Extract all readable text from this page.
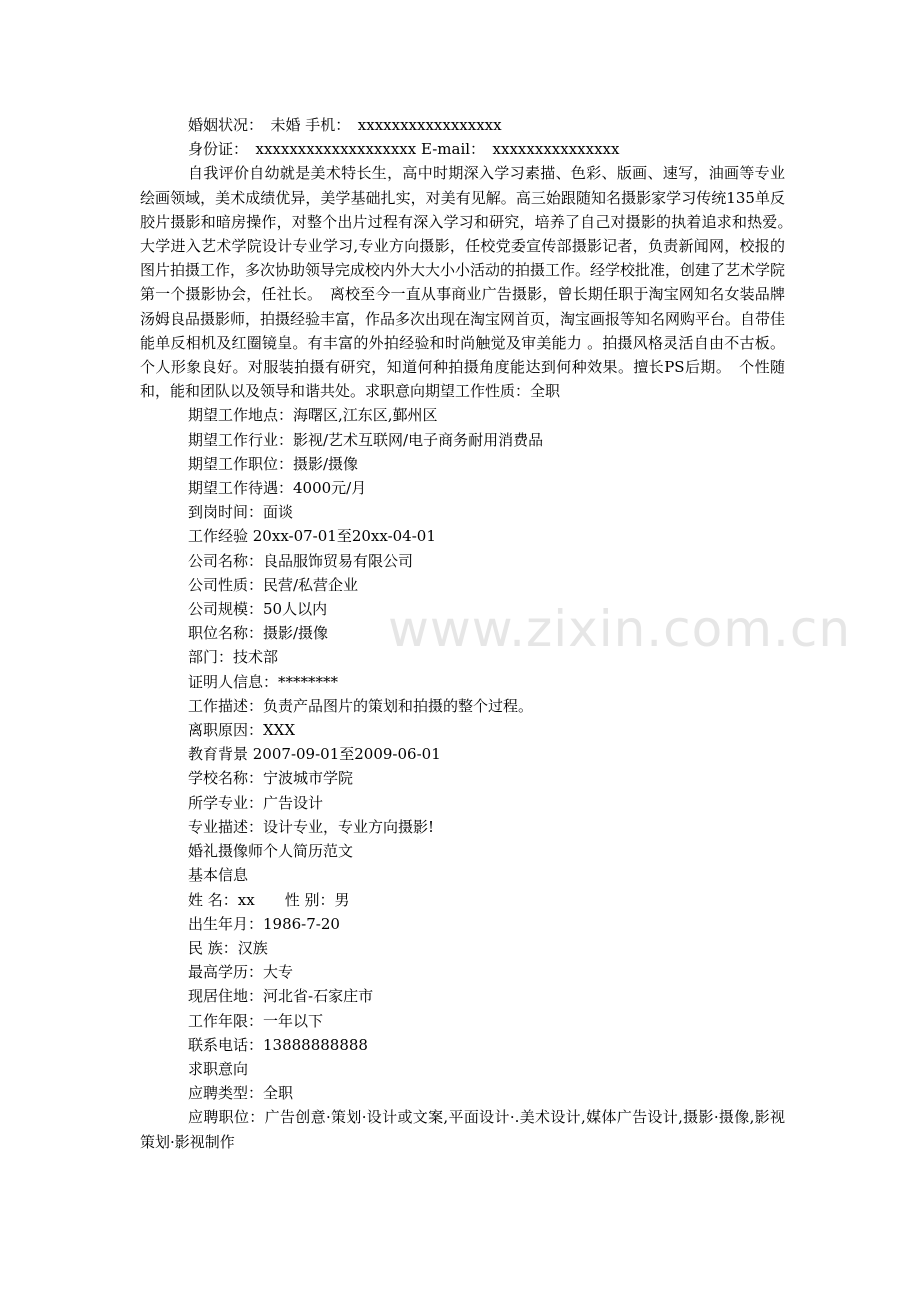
www.zixin.com.cn
婚姻状况：　未婚 手机：　xxxxxxxxxxxxxxxxx
身份证：　xxxxxxxxxxxxxxxxxxx E-mail：　xxxxxxxxxxxxxxx
自我评价自幼就是美术特长生，高中时期深入学习素描、色彩、版画、速写，油画等专业绘画领域，美术成绩优异，美学基础扎实，对美有见解。高三始跟随知名摄影家学习传统135单反胶片摄影和暗房操作，对整个出片过程有深入学习和研究，培养了自己对摄影的执着追求和热爱。　大学进入艺术学院设计专业学习,专业方向摄影，任校党委宣传部摄影记者，负责新闻网，校报的图片拍摄工作，多次协助领导完成校内外大大小小活动的拍摄工作。经学校批准，创建了艺术学院第一个摄影协会，任社长。　离校至今一直从事商业广告摄影，曾长期任职于淘宝网知名女装品牌汤姆良品摄影师，拍摄经验丰富，作品多次出现在淘宝网首页，淘宝画报等知名网购平台。自带佳能单反相机及红圈镜皇。有丰富的外拍经验和时尚触觉及审美能力 。拍摄风格灵活自由不古板。个人形象良好。对服装拍摄有研究，知道何种拍摄角度能达到何种效果。擅长PS后期。　个性随和，能和团队以及领导和谐共处。求职意向期望工作性质：全职
期望工作地点：海曙区,江东区,鄞州区
期望工作行业：影视/艺术互联网/电子商务耐用消费品
期望工作职位：摄影/摄像
期望工作待遇：4000元/月
到岗时间：面谈
工作经验 20xx-07-01至20xx-04-01
公司名称：良品服饰贸易有限公司
公司性质：民营/私营企业
公司规模：50人以内
职位名称：摄影/摄像
部门：技术部
证明人信息：********
工作描述：负责产品图片的策划和拍摄的整个过程。
离职原因：XXX
教育背景 2007-09-01至2009-06-01
学校名称：宁波城市学院
所学专业：广告设计
专业描述：设计专业，专业方向摄影!
婚礼摄像师个人简历范文
基本信息
姓 名：xx　　性 别：男
出生年月：1986-7-20
民 族：汉族
最高学历：大专
现居住地：河北省-石家庄市
工作年限：一年以下
联系电话：13888888888
求职意向
应聘类型：全职
应聘职位：广告创意·策划·设计或文案,平面设计·.美术设计,媒体广告设计,摄影·摄像,影视策划·影视制作
